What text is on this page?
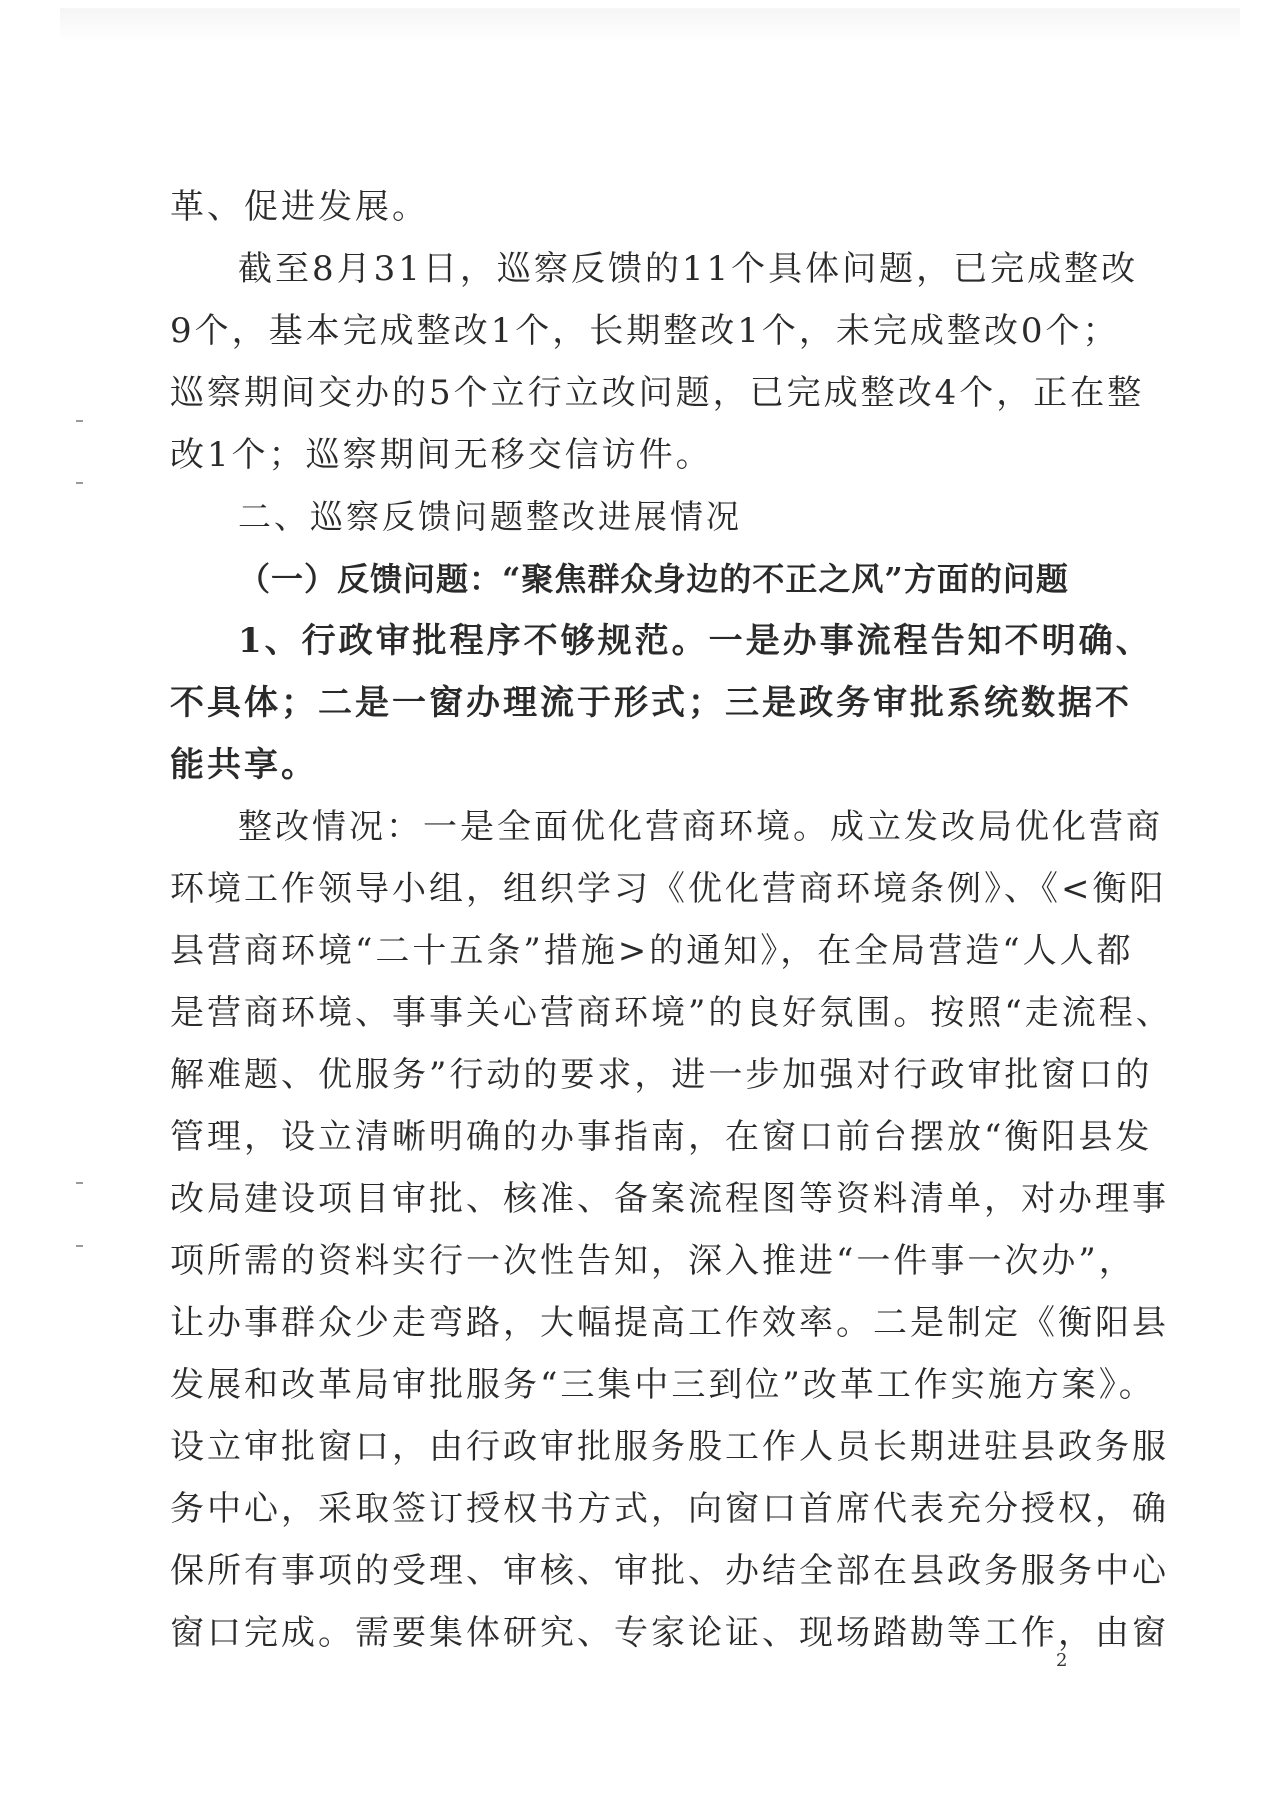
革、促进发展。
截至8月31日，巡察反馈的11个具体问题，已完成整改
9个，基本完成整改1个，长期整改1个，未完成整改0个；
巡察期间交办的5个立行立改问题，已完成整改4个，正在整
改1个；巡察期间无移交信访件。
二、巡察反馈问题整改进展情况
（一）反馈问题：“聚焦群众身边的不正之风”方面的问题
1、行政审批程序不够规范。一是办事流程告知不明确、
不具体；二是一窗办理流于形式；三是政务审批系统数据不
能共享。
整改情况：一是全面优化营商环境。成立发改局优化营商
环境工作领导小组，组织学习《优化营商环境条例》、《<衡阳
县营商环境“二十五条”措施>的通知》，在全局营造“人人都
是营商环境、事事关心营商环境”的良好氛围。按照“走流程、
解难题、优服务”行动的要求，进一步加强对行政审批窗口的
管理，设立清晰明确的办事指南，在窗口前台摆放“衡阳县发
改局建设项目审批、核准、备案流程图等资料清单，对办理事
项所需的资料实行一次性告知，深入推进“一件事一次办”，
让办事群众少走弯路，大幅提高工作效率。二是制定《衡阳县
发展和改革局审批服务“三集中三到位”改革工作实施方案》。
设立审批窗口，由行政审批服务股工作人员长期进驻县政务服
务中心，采取签订授权书方式，向窗口首席代表充分授权，确
保所有事项的受理、审核、审批、办结全部在县政务服务中心
窗口完成。需要集体研究、专家论证、现场踏勘等工作，由窗
2
